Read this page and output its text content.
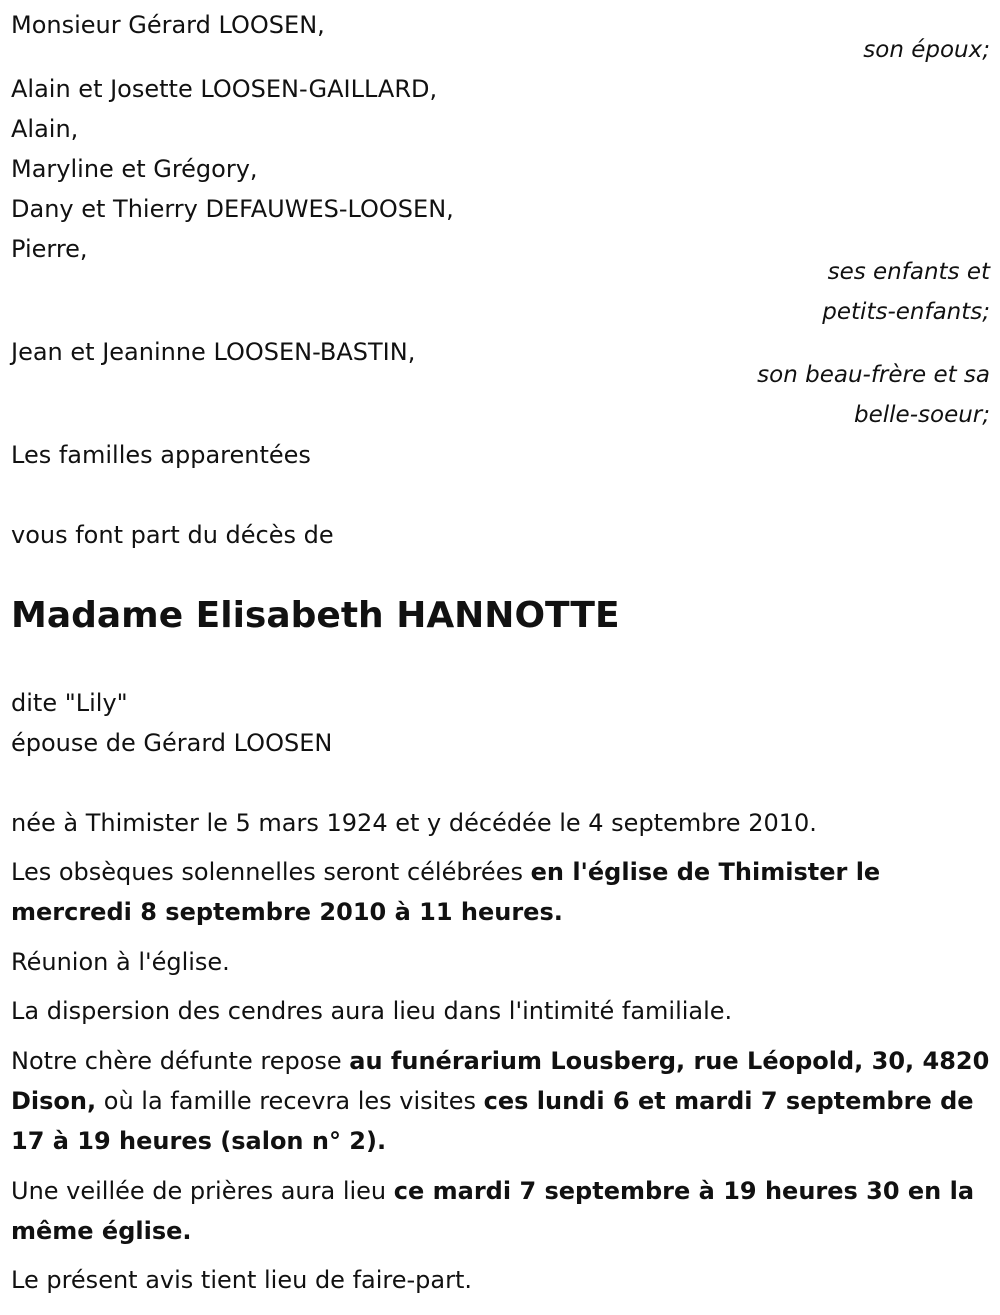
Monsieur Gérard LOOSEN,
son époux;
Alain et Josette LOOSEN-GAILLARD,
Alain,
Maryline et Grégory,
Dany et Thierry DEFAUWES-LOOSEN,
Pierre,
ses enfants et
petits-enfants;
Jean et Jeaninne LOOSEN-BASTIN,
son beau-frère et sa
belle-soeur;
Les familles apparentées
vous font part du décès de
Madame Elisabeth HANNOTTE
dite "Lily"
épouse de Gérard LOOSEN
née à Thimister le 5 mars 1924 et y décédée le 4 septembre 2010.
Les obsèques solennelles seront célébrées en l'église de Thimister le mercredi 8 septembre 2010 à 11 heures.
Réunion à l'église.
La dispersion des cendres aura lieu dans l'intimité familiale.
Notre chère défunte repose au funérarium Lousberg, rue Léopold, 30, 4820 Dison, où la famille recevra les visites ces lundi 6 et mardi 7 septembre de 17 à 19 heures (salon n° 2).
Une veillée de prières aura lieu ce mardi 7 septembre à 19 heures 30 en la même église.
Le présent avis tient lieu de faire-part.
